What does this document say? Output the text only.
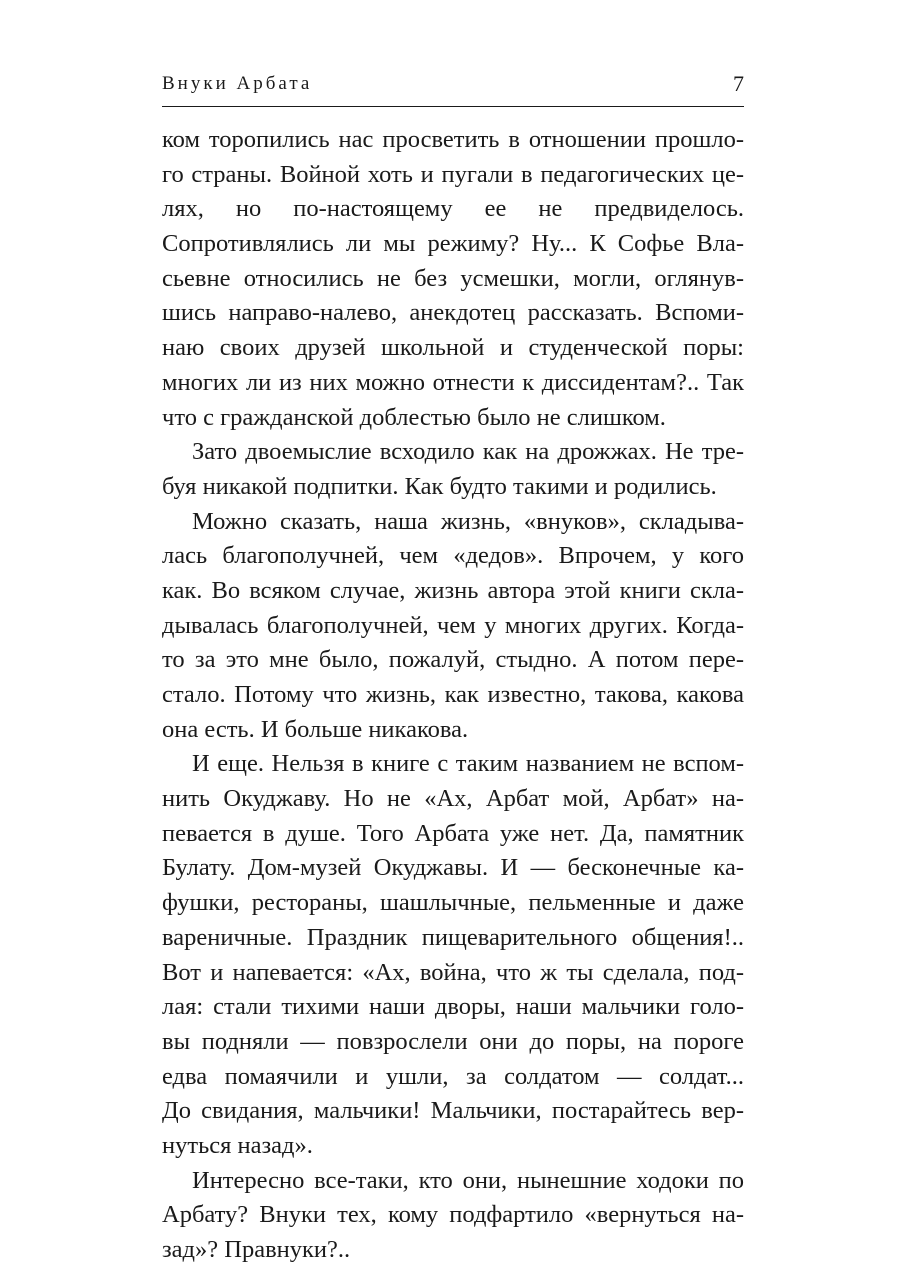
Внуки Арбата	7
ком торопились нас просветить в отношении прошло-
го страны. Войной хоть и пугали в педагогических це-
лях, но по-настоящему ее не предвиделось.
Сопротивлялись ли мы режиму? Ну... К Софье Вла-
сьевне относились не без усмешки, могли, оглянув-
шись направо-налево, анекдотец рассказать. Вспоми-
наю своих друзей школьной и студенческой поры:
многих ли из них можно отнести к диссидентам?.. Так
что с гражданской доблестью было не слишком.
Зато двоемыслие всходило как на дрожжах. Не тре-
буя никакой подпитки. Как будто такими и родились.
Можно сказать, наша жизнь, «внуков», складыва-
лась благополучней, чем «дедов». Впрочем, у кого
как. Во всяком случае, жизнь автора этой книги скла-
дывалась благополучней, чем у многих других. Когда-
то за это мне было, пожалуй, стыдно. А потом пере-
стало. Потому что жизнь, как известно, такова, какова
она есть. И больше никакова.
И еще. Нельзя в книге с таким названием не вспом-
нить Окуджаву. Но не «Ах, Арбат мой, Арбат» на-
певается в душе. Того Арбата уже нет. Да, памятник
Булату. Дом-музей Окуджавы. И — бесконечные ка-
фушки, рестораны, шашлычные, пельменные и даже
вареничные. Праздник пищеварительного общения!..
Вот и напевается: «Ах, война, что ж ты сделала, под-
лая: стали тихими наши дворы, наши мальчики голо-
вы подняли — повзрослели они до поры, на пороге
едва помаячили и ушли, за солдатом — солдат...
До свидания, мальчики! Мальчики, постарайтесь вер-
нуться назад».
Интересно все-таки, кто они, нынешние ходоки по
Арбату? Внуки тех, кому подфартило «вернуться на-
зад»? Правнуки?..
